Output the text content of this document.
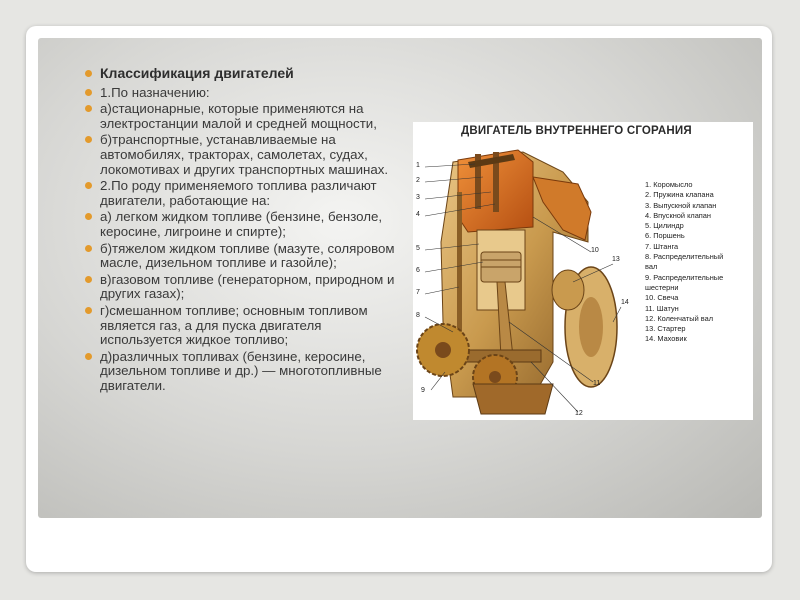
Классификация двигателей
1.По назначению:
а)стационарные, которые применяются на электростанции малой и средней мощности,
б)транспортные, устанавливаемые на автомобилях, тракторах, самолетах, судах, локомотивах и других транспортных машинах.
2.По роду применяемого топлива различают двигатели, работающие на:
а) легком жидком топливе (бензине, бензоле, керосине, лигроине и спирте);
б)тяжелом жидком топливе (мазуте, соляровом масле, дизельном топливе и газойле);
в)газовом топливе (генераторном, природном и других газах);
г)смешанном топливе; основным топливом является газ, а для пуска двигателя используется жидкое топливо;
д)различных топливах (бензине, керосине, дизельном топливе и др.) — многотопливные двигатели.
ДВИГАТЕЛЬ ВНУТРЕННЕГО СГОРАНИЯ
1
2
3
4
5
6
7
8
9
10
11
12
13
14
1. Коромысло
2. Пружина клапана
3. Выпускной клапан
4. Впускной клапан
5. Цилиндр
6. Поршень
7. Штанга
8. Распределительный
вал
9. Распределительные
шестерни
10. Свеча
11. Шатун
12. Коленчатый вал
13. Стартер
14. Маховик
